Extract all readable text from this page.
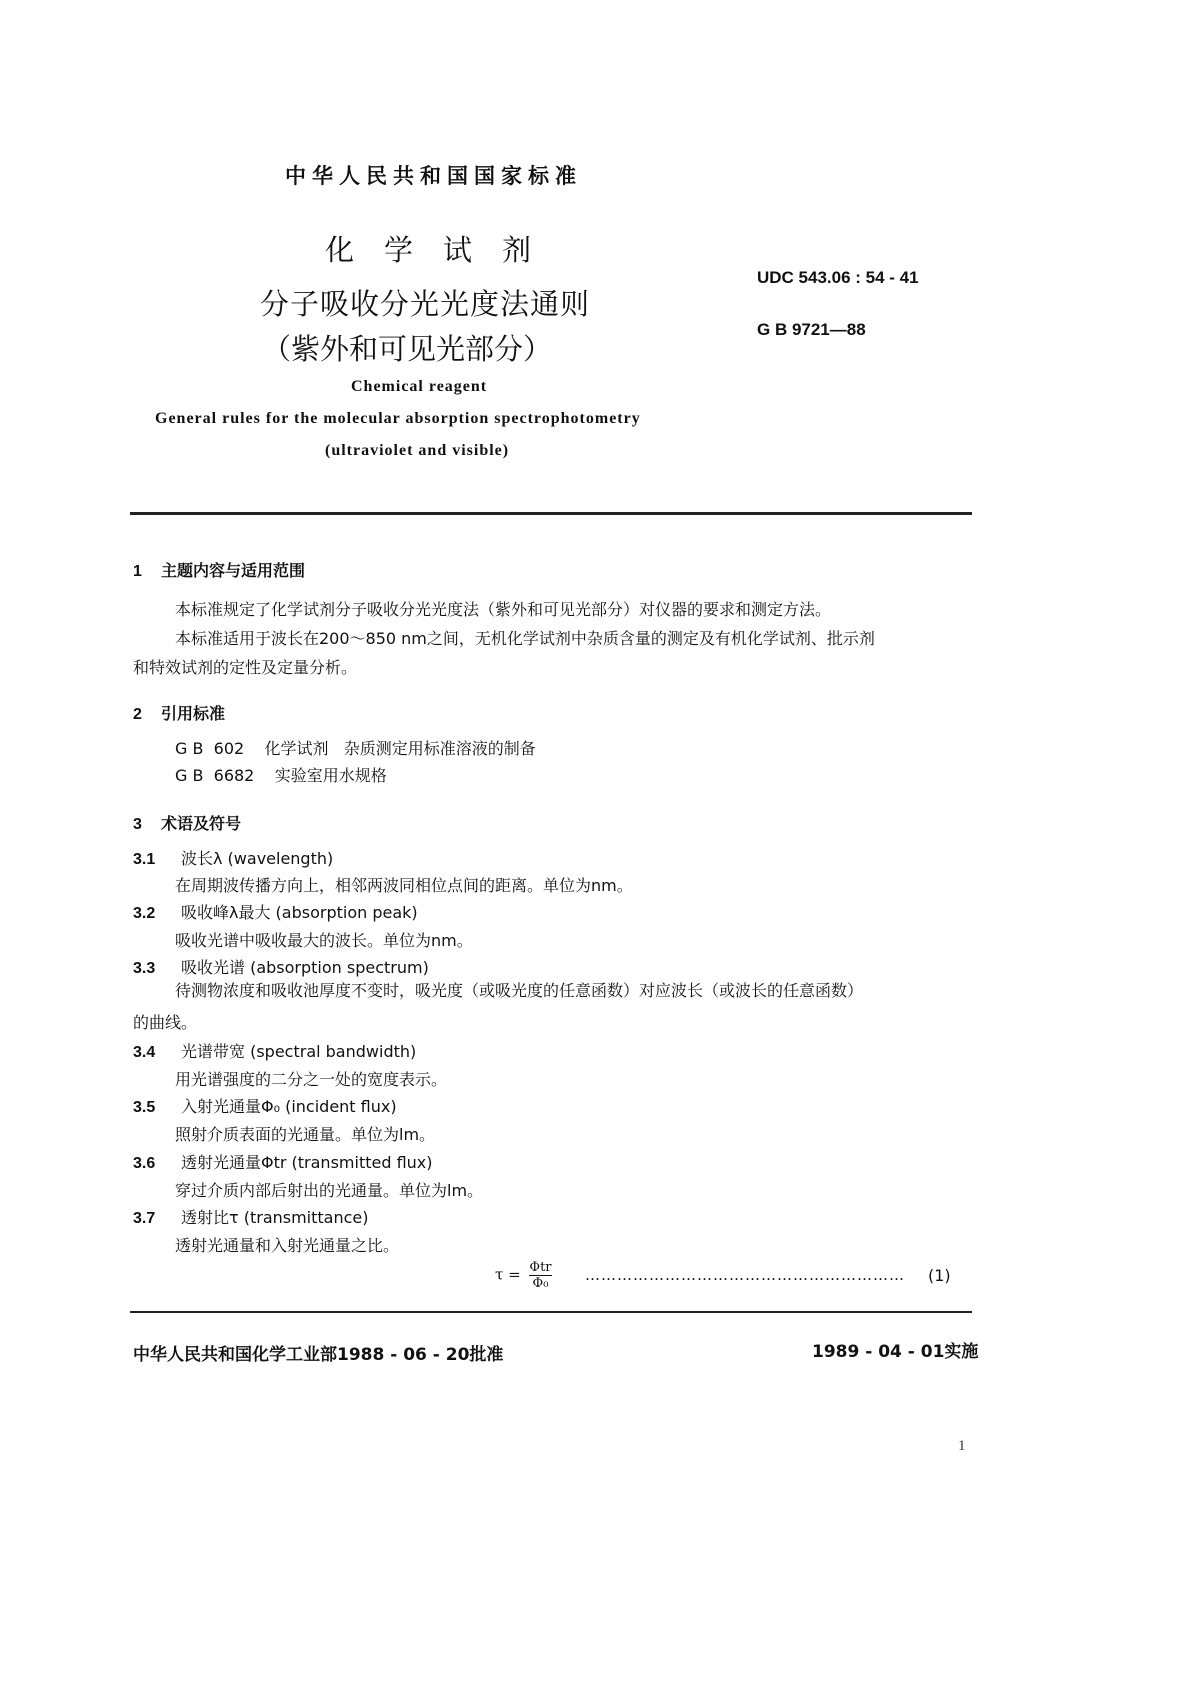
中华人民共和国国家标准
化学试剂
分子吸收分光光度法通则
（紫外和可见光部分）
UDC 543.06 : 54 - 41
G B 9721—88
Chemical reagent
General rules for the molecular absorption spectrophotometry
(ultraviolet and visible)
1 主题内容与适用范围
本标准规定了化学试剂分子吸收分光光度法（紫外和可见光部分）对仪器的要求和测定方法。
本标准适用于波长在200～850 nm之间，无机化学试剂中杂质含量的测定及有机化学试剂、批示剂
和特效试剂的定性及定量分析。
2 引用标准
G B  602    化学试剂   杂质测定用标准溶液的制备
G B  6682    实验室用水规格
3 术语及符号
3.1 波长λ (wavelength)
在周期波传播方向上，相邻两波同相位点间的距离。单位为nm。
3.2 吸收峰λ最大 (absorption peak)
吸收光谱中吸收最大的波长。单位为nm。
3.3 吸收光谱 (absorption spectrum)
待测物浓度和吸收池厚度不变时，吸光度（或吸光度的任意函数）对应波长（或波长的任意函数）
的曲线。
3.4 光谱带宽 (spectral bandwidth)
用光谱强度的二分之一处的宽度表示。
3.5 入射光通量Φ₀ (incident flux)
照射介质表面的光通量。单位为lm。
3.6 透射光通量Φtr (transmitted flux)
穿过介质内部后射出的光通量。单位为lm。
3.7 透射比τ (transmittance)
透射光通量和入射光通量之比。
$\tau = \frac{\text{Φtr}}{\text{Φ₀}}$ …………………………………………………… (1)
中华人民共和国化学工业部1988 - 06 - 20批准	1989 - 04 - 01实施
1
